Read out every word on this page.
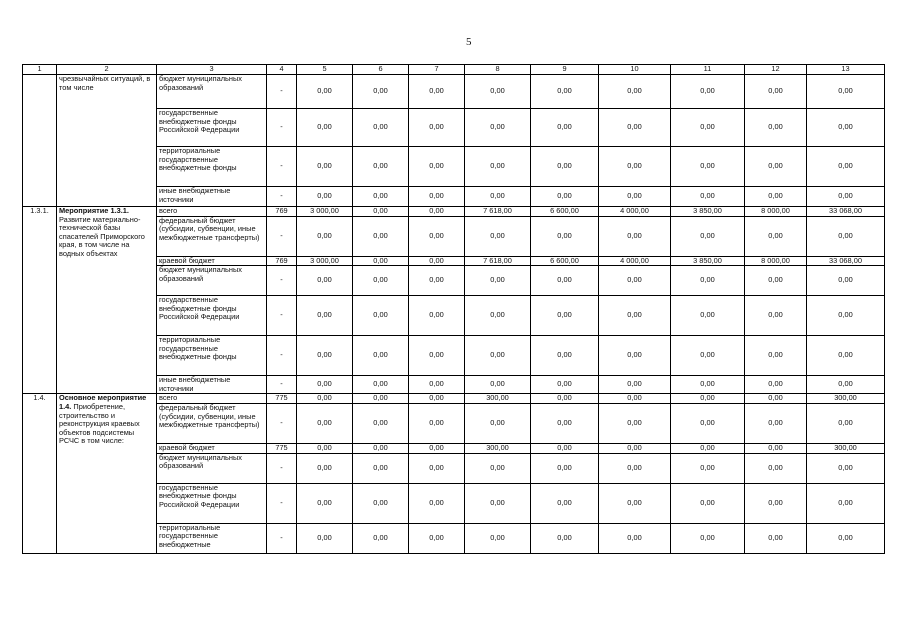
5
1	2	3	4	5	6	7	8	9	10	11	12	13
	чрезвычайных ситуаций, в том числе	бюджет муниципальных образований	-	0,00	0,00	0,00	0,00	0,00	0,00	0,00	0,00	0,00
		государственные внебюджетные фонды Российской Федерации	-	0,00	0,00	0,00	0,00	0,00	0,00	0,00	0,00	0,00
		территориальные государственные внебюджетные фонды	-	0,00	0,00	0,00	0,00	0,00	0,00	0,00	0,00	0,00
		иные внебюджетные источники	-	0,00	0,00	0,00	0,00	0,00	0,00	0,00	0,00	0,00
1.3.1.	Мероприятие 1.3.1. Развитие материально-технической базы спасателей Приморского края, в том числе на водных объектах	всего	769	3 000,00	0,00	0,00	7 618,00	6 600,00	4 000,00	3 850,00	8 000,00	33 068,00
		федеральный бюджет (субсидии, субвенции, иные межбюджетные трансферты)	-	0,00	0,00	0,00	0,00	0,00	0,00	0,00	0,00	0,00
		краевой бюджет	769	3 000,00	0,00	0,00	7 618,00	6 600,00	4 000,00	3 850,00	8 000,00	33 068,00
		бюджет муниципальных образований	-	0,00	0,00	0,00	0,00	0,00	0,00	0,00	0,00	0,00
		государственные внебюджетные фонды Российской Федерации	-	0,00	0,00	0,00	0,00	0,00	0,00	0,00	0,00	0,00
		территориальные государственные внебюджетные фонды	-	0,00	0,00	0,00	0,00	0,00	0,00	0,00	0,00	0,00
		иные внебюджетные источники	-	0,00	0,00	0,00	0,00	0,00	0,00	0,00	0,00	0,00
1.4.	Основное мероприятие 1.4. Приобретение, строительство и реконструкция краевых объектов подсистемы РСЧС в том числе:	всего	775	0,00	0,00	0,00	300,00	0,00	0,00	0,00	0,00	300,00
		федеральный бюджет (субсидии, субвенции, иные межбюджетные трансферты)	-	0,00	0,00	0,00	0,00	0,00	0,00	0,00	0,00	0,00
		краевой бюджет	775	0,00	0,00	0,00	300,00	0,00	0,00	0,00	0,00	300,00
		бюджет муниципальных образований	-	0,00	0,00	0,00	0,00	0,00	0,00	0,00	0,00	0,00
		государственные внебюджетные фонды Российской Федерации	-	0,00	0,00	0,00	0,00	0,00	0,00	0,00	0,00	0,00
		территориальные государственные внебюджетные	-	0,00	0,00	0,00	0,00	0,00	0,00	0,00	0,00	0,00
